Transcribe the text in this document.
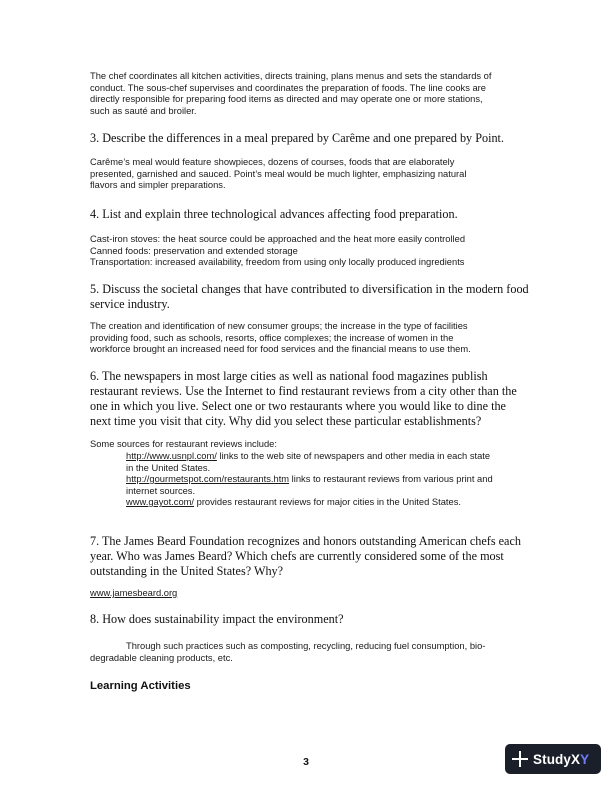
The chef coordinates all kitchen activities, directs training, plans menus and sets the standards of
conduct. The sous-chef supervises and coordinates the preparation of foods. The line cooks are
directly responsible for preparing food items as directed and may operate one or more stations,
such as sauté and broiler.
3. Describe the differences in a meal prepared by Carême and one prepared by Point.
Carême’s meal would feature showpieces, dozens of courses, foods that are elaborately
presented, garnished and sauced. Point’s meal would be much lighter, emphasizing natural
flavors and simpler preparations.
4. List and explain three technological advances affecting food preparation.
Cast-iron stoves: the heat source could be approached and the heat more easily controlled
Canned foods: preservation and extended storage
Transportation: increased availability, freedom from using only locally produced ingredients
5. Discuss the societal changes that have contributed to diversification in the modern food
service industry.
The creation and identification of new consumer groups; the increase in the type of facilities
providing food, such as schools, resorts, office complexes; the increase of women in the
workforce brought an increased need for food services and the financial means to use them.
6. The newspapers in most large cities as well as national food magazines publish
restaurant reviews. Use the Internet to find restaurant reviews from a city other than the
one in which you live. Select one or two restaurants where you would like to dine the
next time you visit that city. Why did you select these particular establishments?
Some sources for restaurant reviews include:
http://www.usnpl.com/ links to the web site of newspapers and other media in each state
in the United States.
http://gourmetspot.com/restaurants.htm links to restaurant reviews from various print and
internet sources.
www.gayot.com/ provides restaurant reviews for major cities in the United States.
7. The James Beard Foundation recognizes and honors outstanding American chefs each
year. Who was James Beard? Which chefs are currently considered some of the most
outstanding in the United States? Why?
www.jamesbeard.org
8. How does sustainability impact the environment?
Through such practices such as composting, recycling, reducing fuel consumption, bio-
degradable cleaning products, etc.
Learning Activities
3	StudyXY
